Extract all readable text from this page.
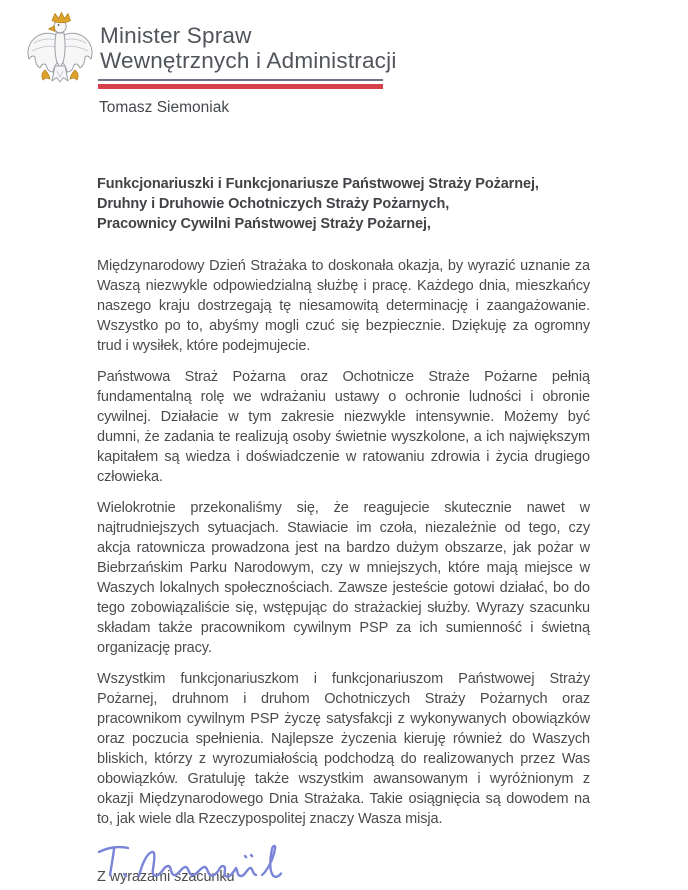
Minister Spraw
Wewnętrznych i Administracji
Tomasz Siemoniak
Funkcjonariuszki i Funkcjonariusze Państwowej Straży Pożarnej,
Druhny i Druhowie Ochotniczych Straży Pożarnych,
Pracownicy Cywilni Państwowej Straży Pożarnej,

Międzynarodowy Dzień Strażaka to doskonała okazja, by wyrazić uznanie za Waszą niezwykle odpowiedzialną służbę i pracę. Każdego dnia, mieszkańcy naszego kraju dostrzegają tę niesamowitą determinację i zaangażowanie. Wszystko po to, abyśmy mogli czuć się bezpiecznie. Dziękuję za ogromny trud i wysiłek, które podejmujecie.

Państwowa Straż Pożarna oraz Ochotnicze Straże Pożarne pełnią fundamentalną rolę we wdrażaniu ustawy o ochronie ludności i obronie cywilnej. Działacie w tym zakresie niezwykle intensywnie. Możemy być dumni, że zadania te realizują osoby świetnie wyszkolone, a ich największym kapitałem są wiedza i doświadczenie w ratowaniu zdrowia i życia drugiego człowieka.

Wielokrotnie przekonaliśmy się, że reagujecie skutecznie nawet w najtrudniejszych sytuacjach. Stawiacie im czoła, niezależnie od tego, czy akcja ratownicza prowadzona jest na bardzo dużym obszarze, jak pożar w Biebrzańskim Parku Narodowym, czy w mniejszych, które mają miejsce w Waszych lokalnych społecznościach. Zawsze jesteście gotowi działać, bo do tego zobowiązaliście się, wstępując do strażackiej służby. Wyrazy szacunku składam także pracownikom cywilnym PSP za ich sumienność i świetną organizację pracy.

Wszystkim funkcjonariuszkom i funkcjonariuszom Państwowej Straży Pożarnej, druhnom i druhom Ochotniczych Straży Pożarnych oraz pracownikom cywilnym PSP życzę satysfakcji z wykonywanych obowiązków oraz poczucia spełnienia. Najlepsze życzenia kieruję również do Waszych bliskich, którzy z wyrozumiałością podchodzą do realizowanych przez Was obowiązków. Gratuluję także wszystkim awansowanym i wyróżnionym z okazji Międzynarodowego Dnia Strażaka. Takie osiągnięcia są dowodem na to, jak wiele dla Rzeczypospolitej znaczy Wasza misja.

Z wyrazami szacunku
